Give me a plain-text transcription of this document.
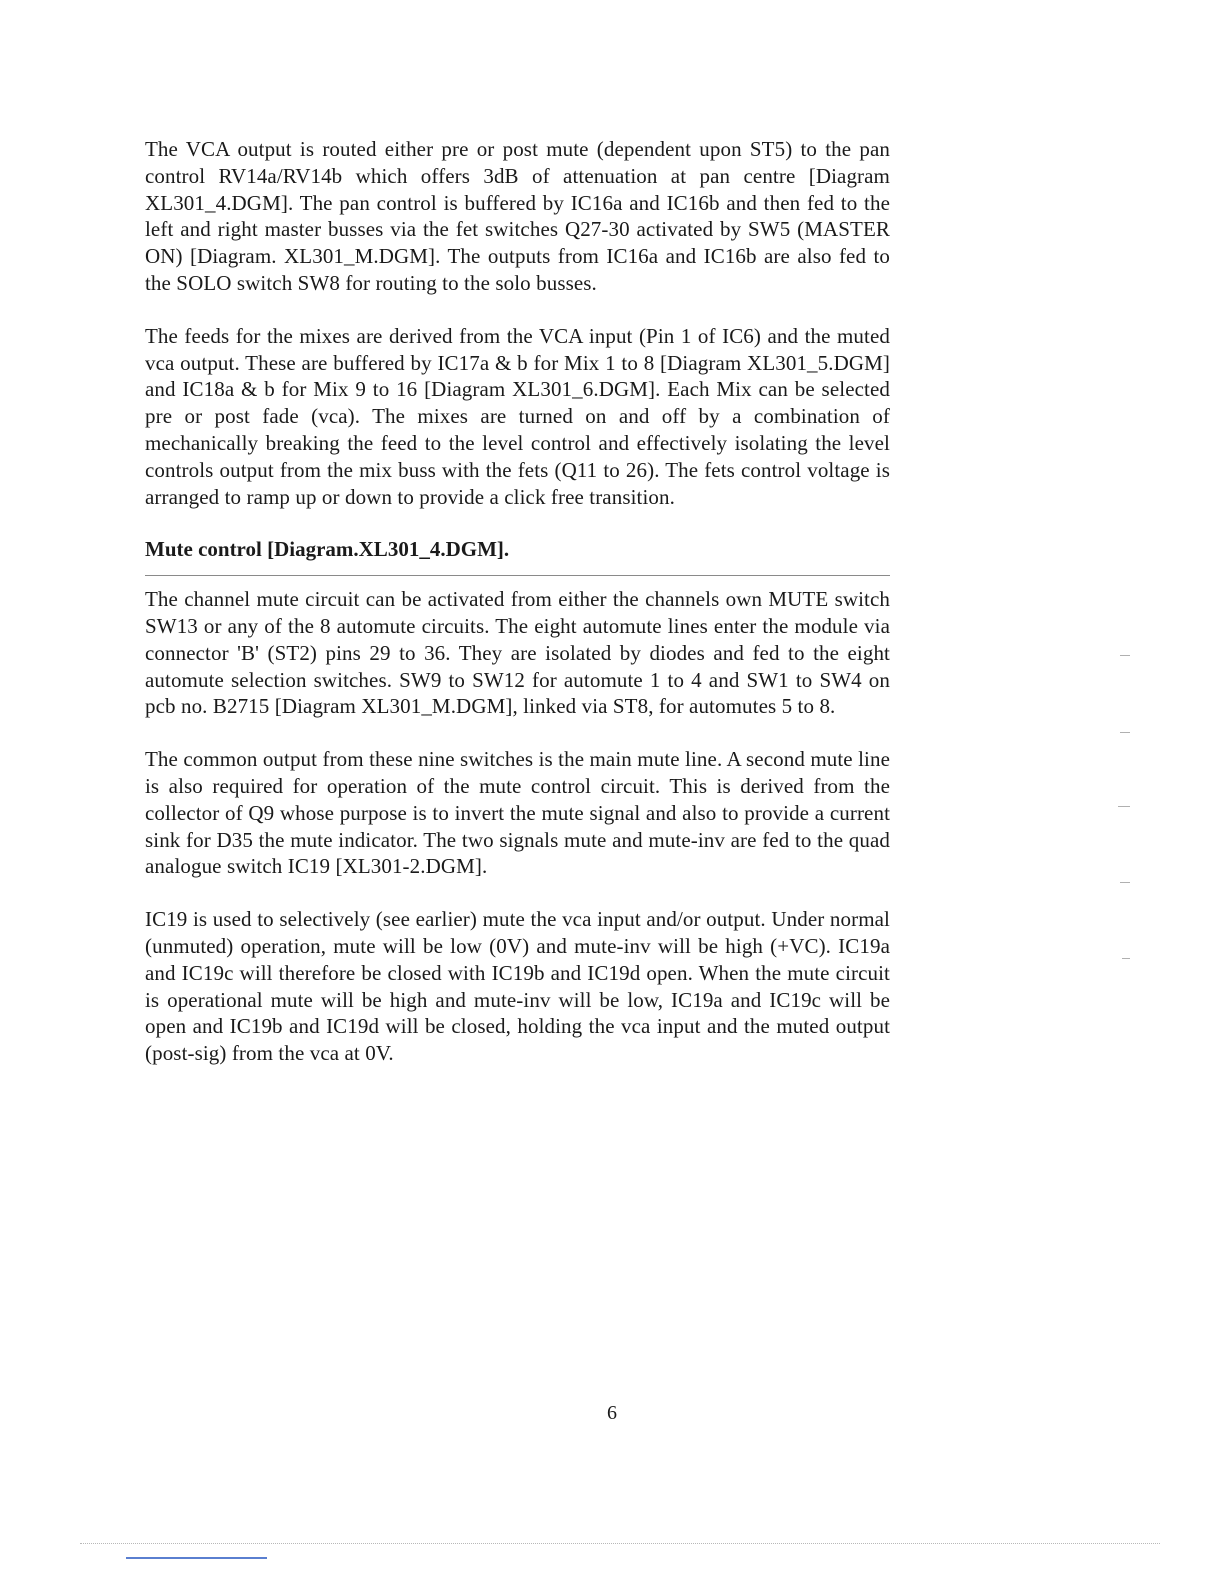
The VCA output is routed either pre or post mute (dependent upon ST5) to the pan control RV14a/RV14b which offers 3dB of attenuation at pan centre [Diagram XL301_4.DGM]. The pan control is buffered by IC16a and IC16b and then fed to the left and right master busses via the fet switches Q27-30 activated by SW5 (MASTER ON) [Diagram. XL301_M.DGM]. The outputs from IC16a and IC16b are also fed to the SOLO switch SW8 for routing to the solo busses.

The feeds for the mixes are derived from the VCA input (Pin 1 of IC6) and the muted vca output. These are buffered by IC17a & b for Mix 1 to 8 [Diagram XL301_5.DGM] and IC18a & b for Mix 9 to 16 [Diagram XL301_6.DGM]. Each Mix can be selected pre or post fade (vca). The mixes are turned on and off by a combination of mechanically breaking the feed to the level control and effectively isolating the level controls output from the mix buss with the fets (Q11 to 26). The fets control voltage is arranged to ramp up or down to provide a click free transition.

Mute control [Diagram.XL301_4.DGM].

The channel mute circuit can be activated from either the channels own MUTE switch SW13 or any of the 8 automute circuits. The eight automute lines enter the module via connector 'B' (ST2) pins 29 to 36. They are isolated by diodes and fed to the eight automute selection switches. SW9 to SW12 for automute 1 to 4 and SW1 to SW4 on pcb no. B2715 [Diagram XL301_M.DGM], linked via ST8, for automutes 5 to 8.

The common output from these nine switches is the main mute line. A second mute line is also required for operation of the mute control circuit. This is derived from the collector of Q9 whose purpose is to invert the mute signal and also to provide a current sink for D35 the mute indicator. The two signals mute and mute-inv are fed to the quad analogue switch IC19 [XL301-2.DGM].

IC19 is used to selectively (see earlier) mute the vca input and/or output. Under normal (unmuted) operation, mute will be low (0V) and mute-inv will be high (+VC). IC19a and IC19c will therefore be closed with IC19b and IC19d open. When the mute circuit is operational mute will be high and mute-inv will be low, IC19a and IC19c will be open and IC19b and IC19d will be closed, holding the vca input and the muted output (post-sig) from the vca at 0V.

6
